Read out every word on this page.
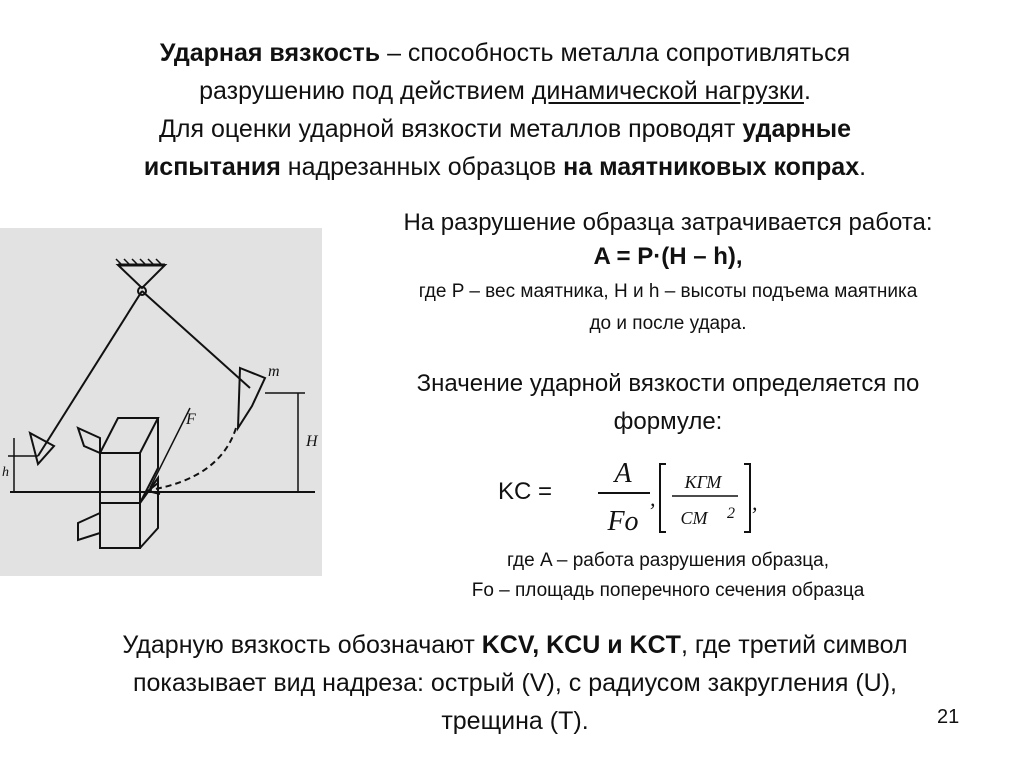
Ударная вязкость – способность металла сопротивляться
разрушению под действием динамической нагрузки.
Для оценки ударной вязкости металлов проводят ударные
испытания надрезанных образцов на маятниковых копрах.
m
F
H
h
На разрушение образца затрачивается работа:
A = P·(H – h),
где P – вес маятника, H и h – высоты подъема маятника
до и после удара.
Значение ударной вязкости определяется по
формуле:
KC =
A
Fo
,
КГМ
СМ 2 ,
где A – работа разрушения образца,
Fo – площадь поперечного сечения образца
Ударную вязкость обозначают KCV, KCU и KCT, где третий символ
показывает вид надреза: острый (V), с радиусом закругления (U),
трещина (Т).	21
